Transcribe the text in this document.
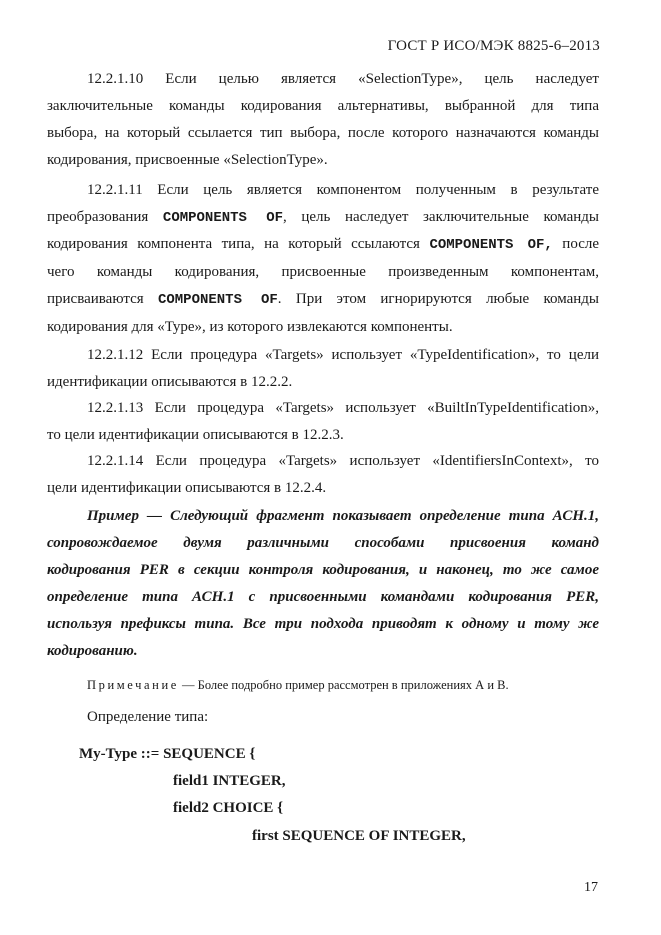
ГОСТ Р ИСО/МЭК 8825-6–2013
12.2.1.10 Если целью является «SelectionType», цель наследует
заключительные команды кодирования альтернативы, выбранной для типа
выбора, на который ссылается тип выбора, после которого назначаются команды
кодирования, присвоенные «SelectionType».
12.2.1.11 Если цель является компонентом полученным в результате
преобразования COMPONENTS OF, цель наследует заключительные команды
кодирования компонента типа, на который ссылаются COMPONENTS OF, после
чего команды кодирования, присвоенные произведенным компонентам,
присваиваются COMPONENTS OF. При этом игнорируются любые команды
кодирования для «Type», из которого извлекаются компоненты.
12.2.1.12 Если процедура «Targets» использует «TypeIdentification», то цели
идентификации описываются в 12.2.2.
12.2.1.13 Если процедура «Targets» использует «BuiltInTypeIdentification»,
то цели идентификации описываются в 12.2.3.
12.2.1.14 Если процедура «Targets» использует «IdentifiersInContext», то
цели идентификации описываются в 12.2.4.
Пример — Следующий фрагмент показывает определение типа АСН.1,
сопровождаемое двумя различными способами присвоения команд
кодирования PER в секции контроля кодирования, и наконец, то же самое
определение типа АСН.1 с присвоенными командами кодирования PER,
используя префиксы типа. Все три подхода приводят к одному и тому же
кодированию.
Примечание — Более подробно пример рассмотрен в приложениях А и В.
Определение типа:
My-Type ::= SEQUENCE {
field1 INTEGER,
field2 CHOICE {
first SEQUENCE OF INTEGER,
17
